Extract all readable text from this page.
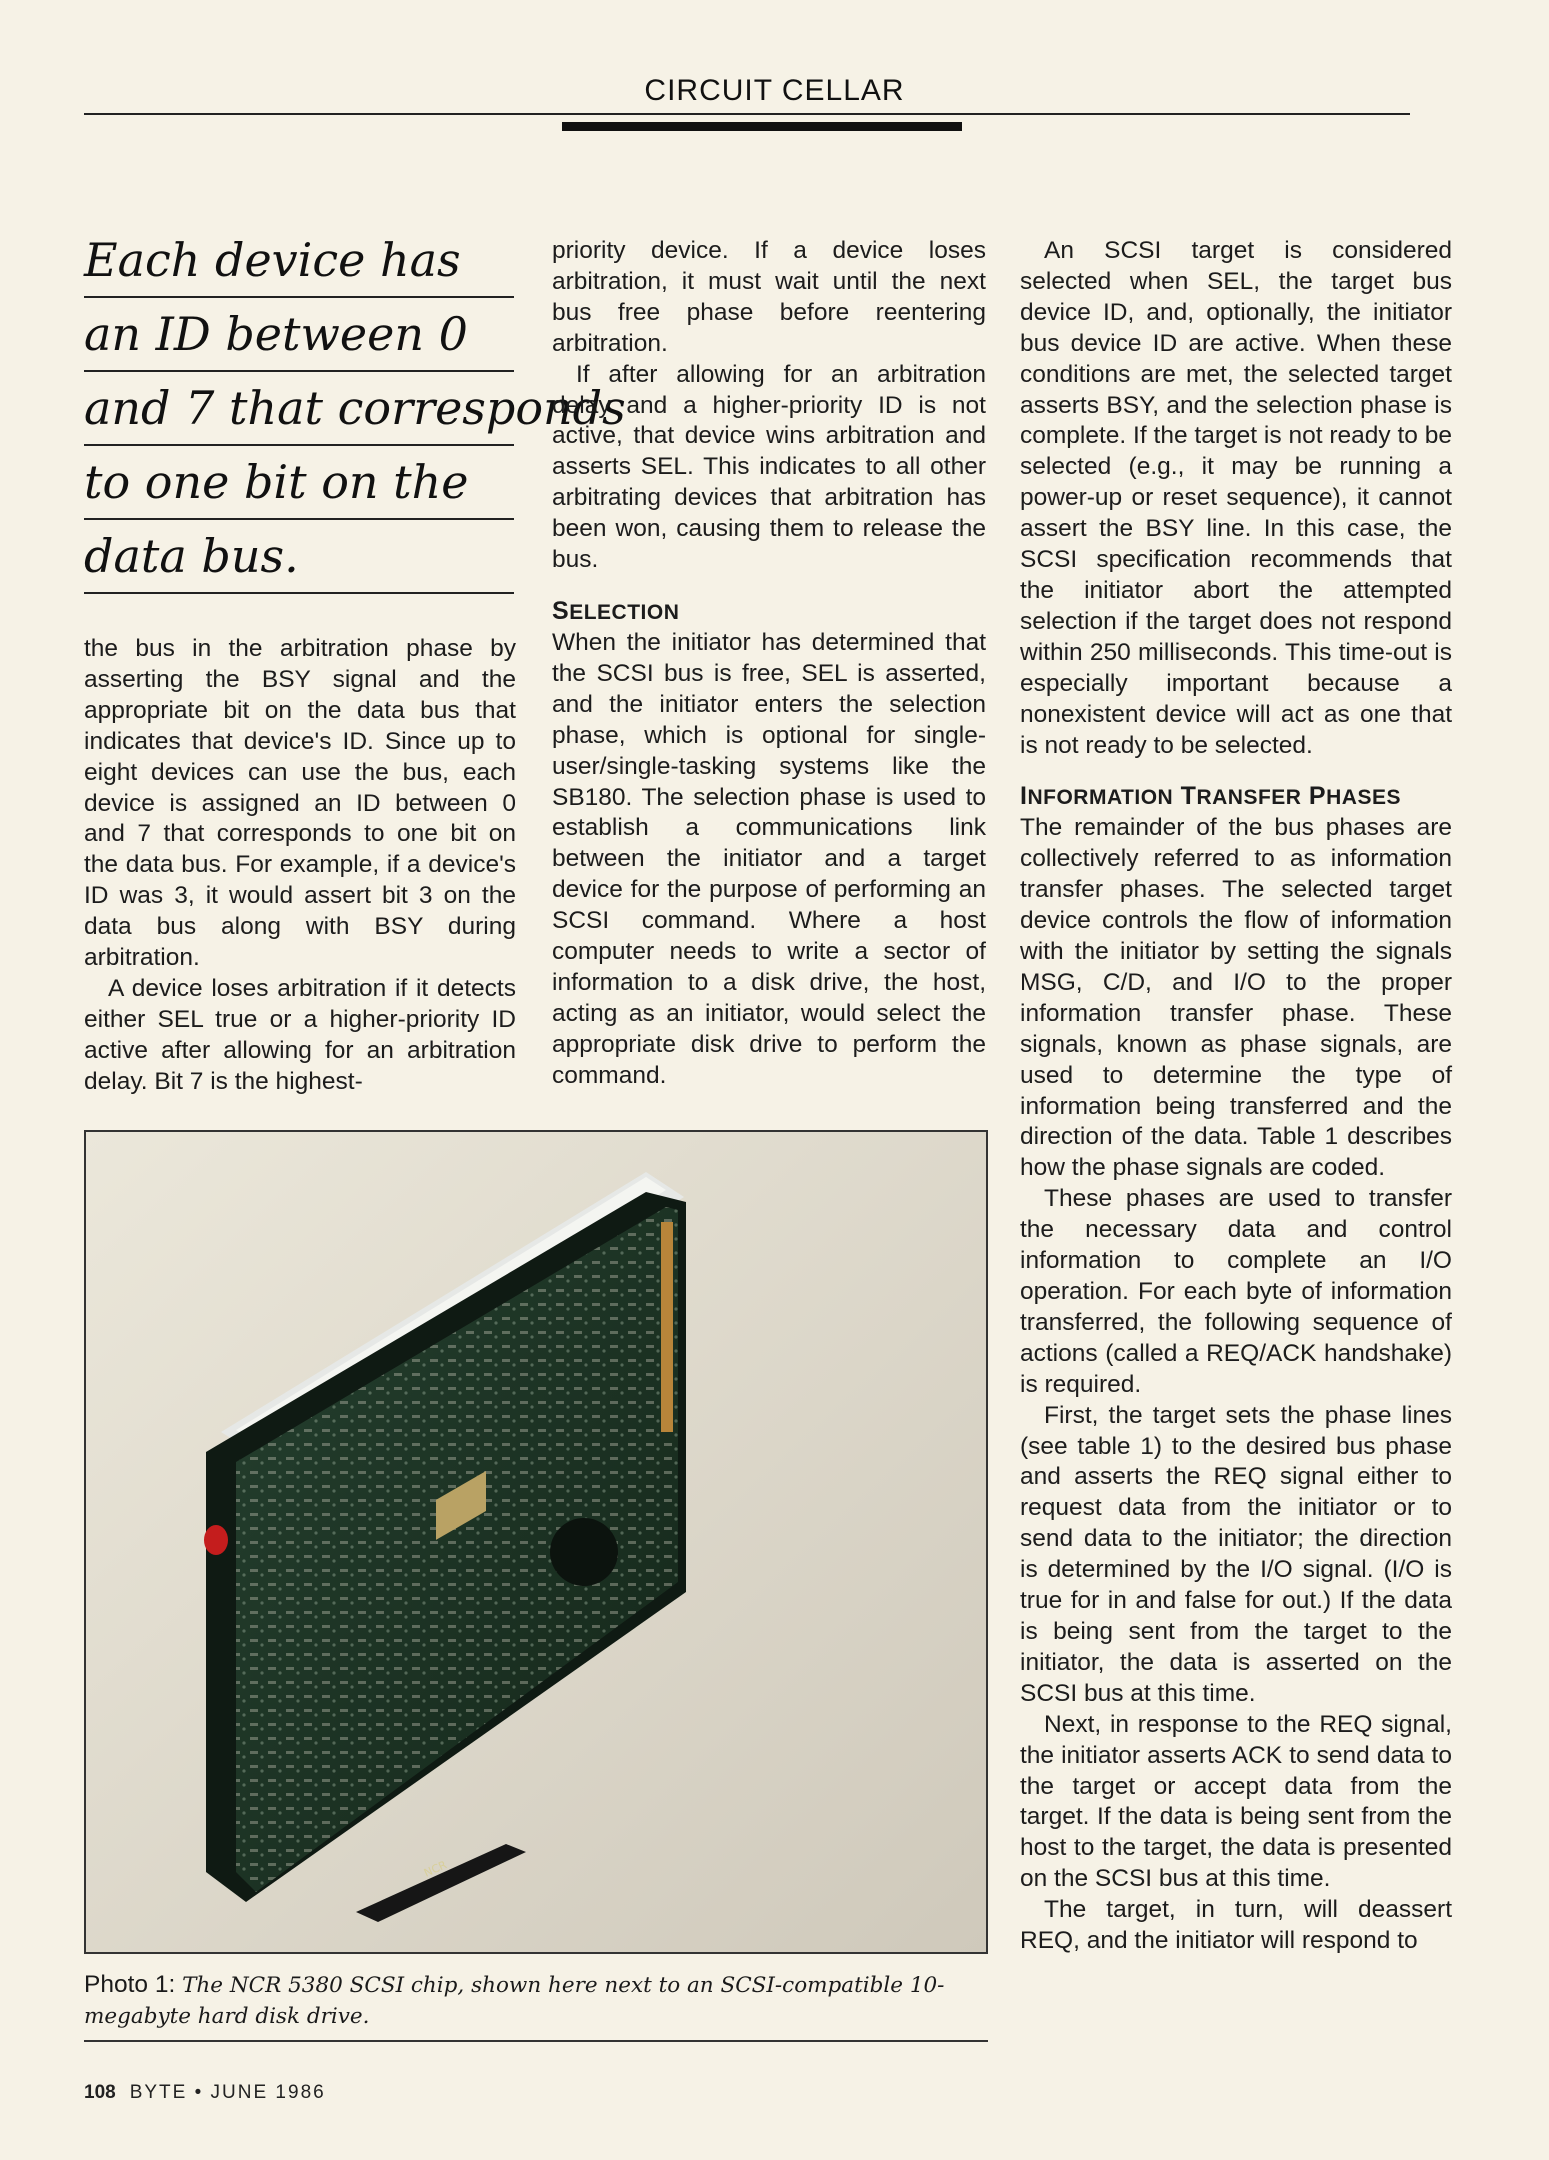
CIRCUIT CELLAR
Each device has
an ID between 0
and 7 that corresponds
to one bit on the
data bus.

the bus in the arbitration phase by asserting the BSY signal and the appropriate bit on the data bus that indicates that device's ID. Since up to eight devices can use the bus, each device is assigned an ID between 0 and 7 that corresponds to one bit on the data bus. For example, if a device's ID was 3, it would assert bit 3 on the data bus along with BSY during arbitration.

A device loses arbitration if it detects either SEL true or a higher-priority ID active after allowing for an arbitration delay. Bit 7 is the highest-

priority device. If a device loses arbitration, it must wait until the next bus free phase before reentering arbitration.

If after allowing for an arbitration delay and a higher-priority ID is not active, that device wins arbitration and asserts SEL. This indicates to all other arbitrating devices that arbitration has been won, causing them to release the bus.

SELECTION

When the initiator has determined that the SCSI bus is free, SEL is asserted, and the initiator enters the selection phase, which is optional for single-user/single-tasking systems like the SB180. The selection phase is used to establish a communications link between the initiator and a target device for the purpose of performing an SCSI command. Where a host computer needs to write a sector of information to a disk drive, the host, acting as an initiator, would select the appropriate disk drive to perform the command.

An SCSI target is considered selected when SEL, the target bus device ID, and, optionally, the initiator bus device ID are active. When these conditions are met, the selected target asserts BSY, and the selection phase is complete. If the target is not ready to be selected (e.g., it may be running a power-up or reset sequence), it cannot assert the BSY line. In this case, the SCSI specification recommends that the initiator abort the attempted selection if the target does not respond within 250 milliseconds. This time-out is especially important because a nonexistent device will act as one that is not ready to be selected.

INFORMATION TRANSFER PHASES

The remainder of the bus phases are collectively referred to as information transfer phases. The selected target device controls the flow of information with the initiator by setting the signals MSG, C/D, and I/O to the proper information transfer phase. These signals, known as phase signals, are used to determine the type of information being transferred and the direction of the data. Table 1 describes how the phase signals are coded.

These phases are used to transfer the necessary data and control information to complete an I/O operation. For each byte of information transferred, the following sequence of actions (called a REQ/ACK handshake) is required.

First, the target sets the phase lines (see table 1) to the desired bus phase and asserts the REQ signal either to request data from the initiator or to send data to the initiator; the direction is determined by the I/O signal. (I/O is true for in and false for out.) If the data is being sent from the target to the initiator, the data is asserted on the SCSI bus at this time.

Next, in response to the REQ signal, the initiator asserts ACK to send data to the target or accept data from the target. If the data is being sent from the host to the target, the data is presented on the SCSI bus at this time.

The target, in turn, will deassert REQ, and the initiator will respond to

NCR
Photo 1: The NCR 5380 SCSI chip, shown here next to an SCSI-compatible 10-megabyte hard disk drive.
108 BYTE • JUNE 1986
